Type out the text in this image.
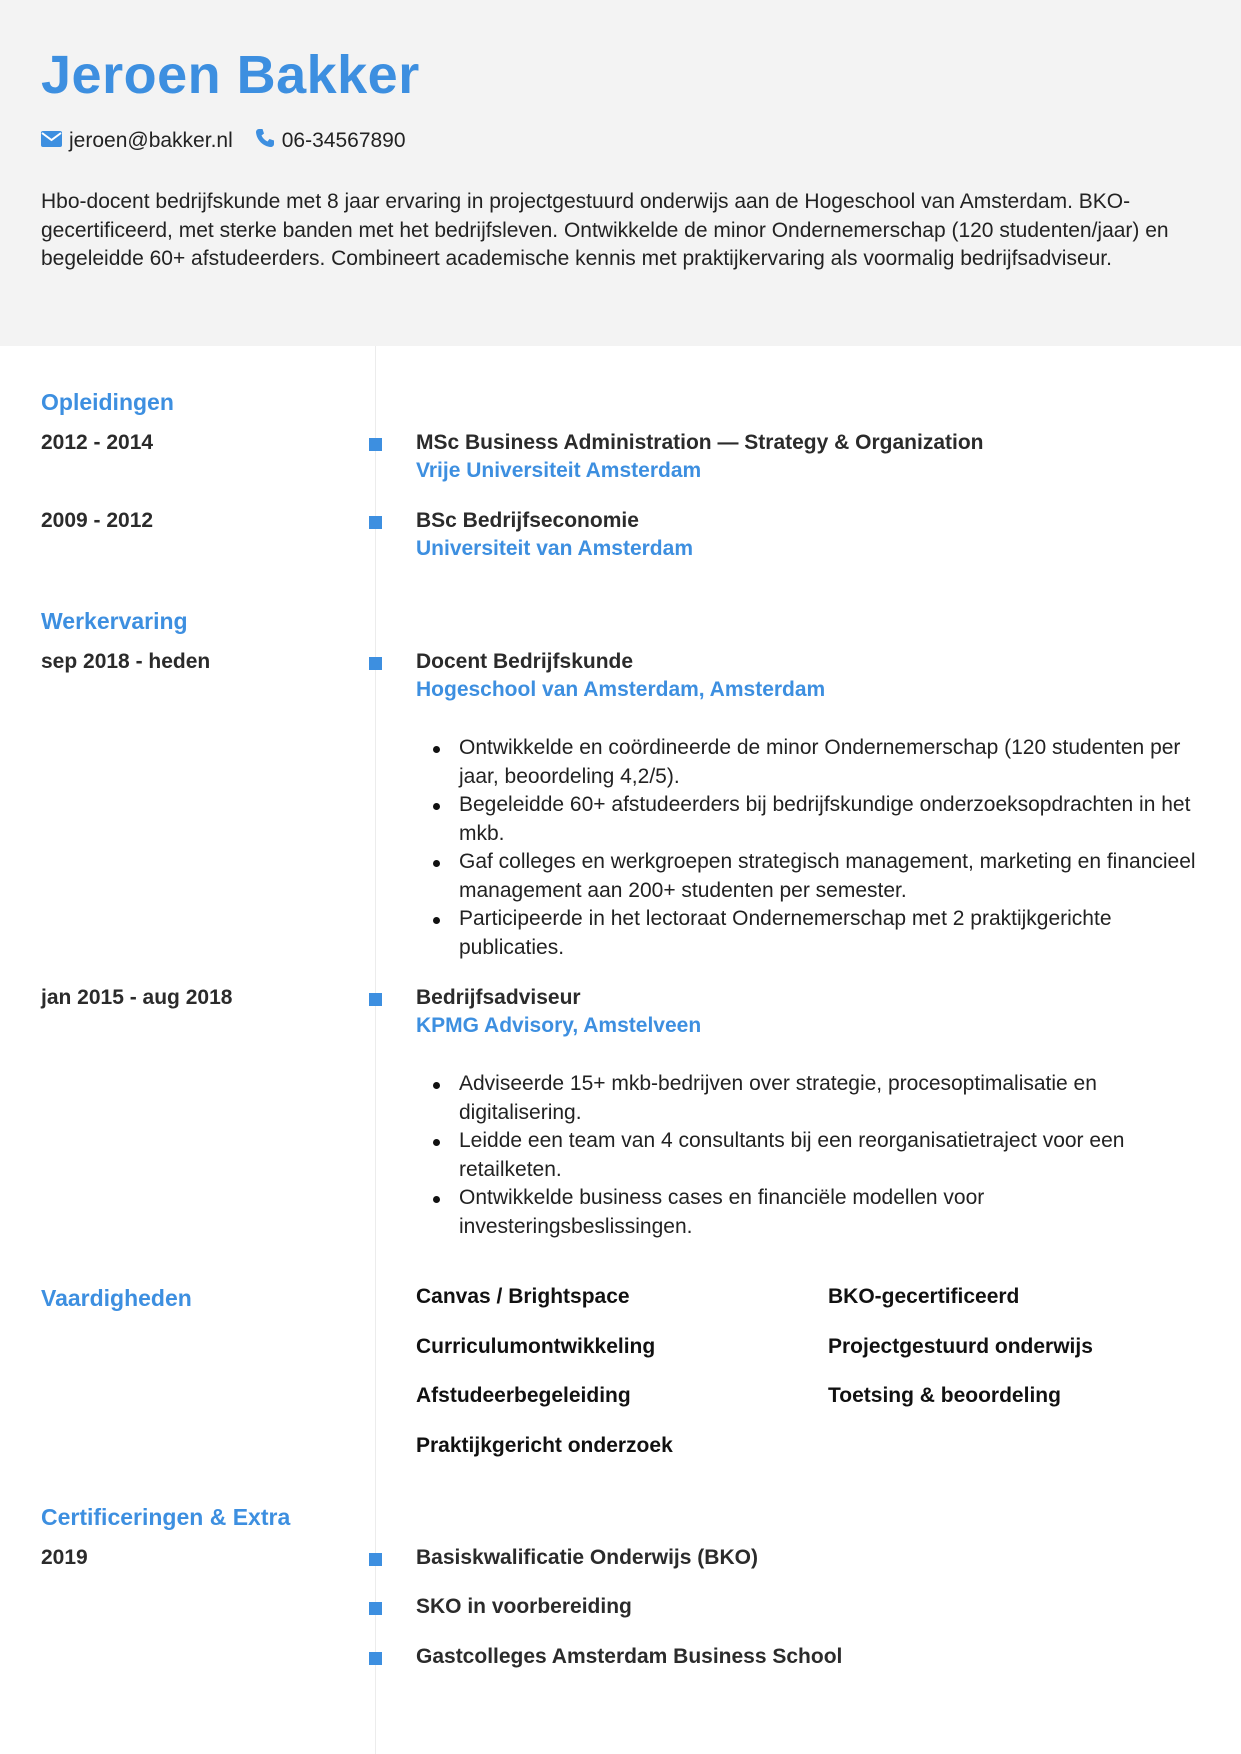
Jeroen Bakker
jeroen@bakker.nl 06-34567890
Hbo-docent bedrijfskunde met 8 jaar ervaring in projectgestuurd onderwijs aan de Hogeschool van Amsterdam. BKO-gecertificeerd, met sterke banden met het bedrijfsleven. Ontwikkelde de minor Ondernemerschap (120 studenten/jaar) en begeleidde 60+ afstudeerders. Combineert academische kennis met praktijkervaring als voormalig bedrijfsadviseur.
Opleidingen
2012 - 2014	MSc Business Administration — Strategy & Organization
Vrije Universiteit Amsterdam
2009 - 2012	BSc Bedrijfseconomie
Universiteit van Amsterdam
Werkervaring
sep 2018 - heden	Docent Bedrijfskunde
Hogeschool van Amsterdam, Amsterdam
Ontwikkelde en coördineerde de minor Ondernemerschap (120 studenten per jaar, beoordeling 4,2/5).
Begeleidde 60+ afstudeerders bij bedrijfskundige onderzoeksopdrachten in het mkb.
Gaf colleges en werkgroepen strategisch management, marketing en financieel management aan 200+ studenten per semester.
Participeerde in het lectoraat Ondernemerschap met 2 praktijkgerichte publicaties.
jan 2015 - aug 2018	Bedrijfsadviseur
KPMG Advisory, Amstelveen
Adviseerde 15+ mkb-bedrijven over strategie, procesoptimalisatie en digitalisering.
Leidde een team van 4 consultants bij een reorganisatietraject voor een retailketen.
Ontwikkelde business cases en financiële modellen voor investeringsbeslissingen.
Vaardigheden	Canvas / Brightspace	BKO-gecertificeerd
Curriculumontwikkeling	Projectgestuurd onderwijs
Afstudeerbegeleiding	Toetsing & beoordeling
Praktijkgericht onderzoek
Certificeringen & Extra
2019	Basiskwalificatie Onderwijs (BKO)
SKO in voorbereiding
Gastcolleges Amsterdam Business School
